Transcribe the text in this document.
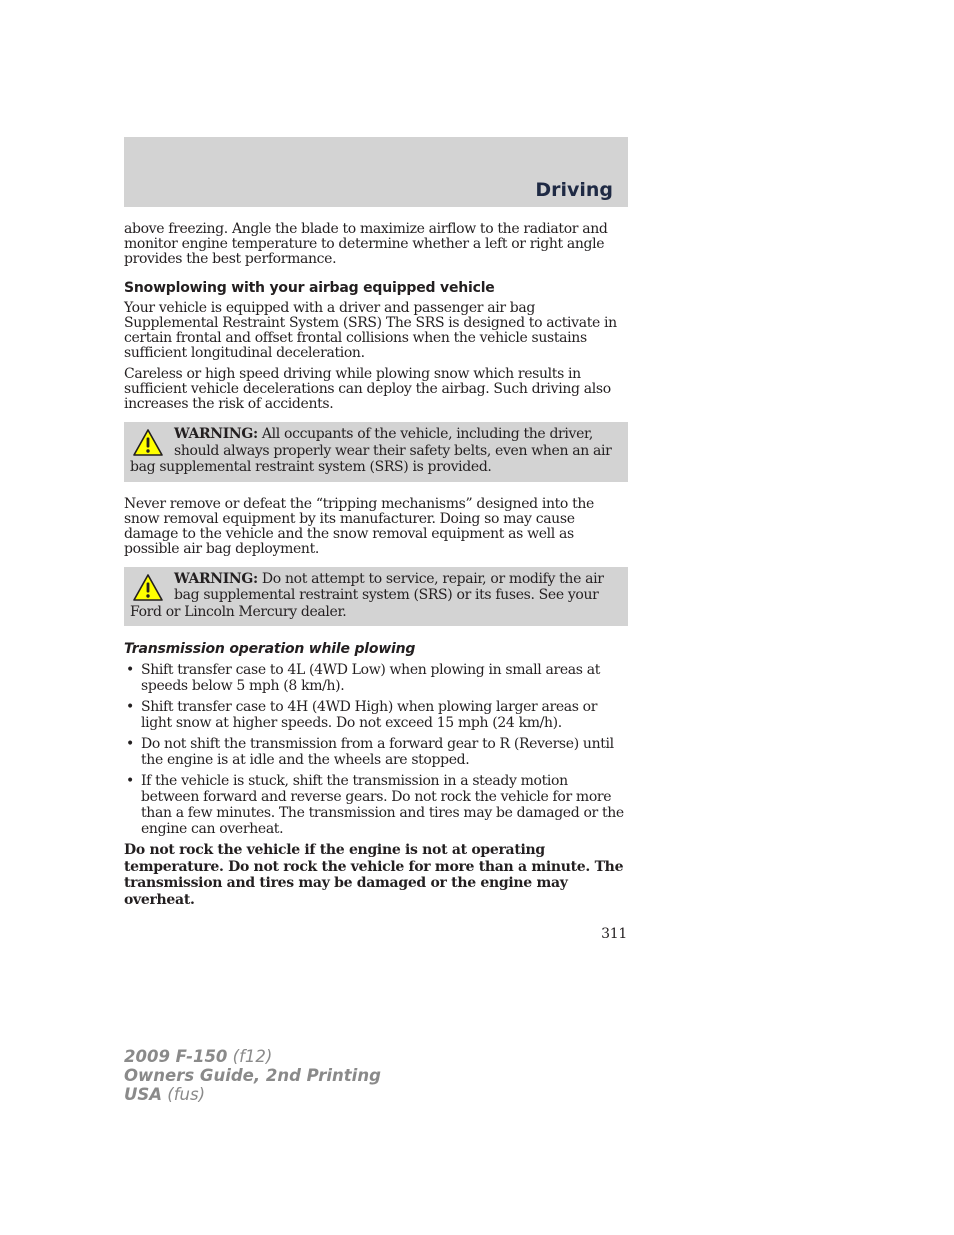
Driving

above freezing. Angle the blade to maximize airflow to the radiator and monitor engine temperature to determine whether a left or right angle provides the best performance.

Snowplowing with your airbag equipped vehicle

Your vehicle is equipped with a driver and passenger air bag Supplemental Restraint System (SRS) The SRS is designed to activate in certain frontal and offset frontal collisions when the vehicle sustains sufficient longitudinal deceleration.

Careless or high speed driving while plowing snow which results in sufficient vehicle decelerations can deploy the airbag. Such driving also increases the risk of accidents.

WARNING: All occupants of the vehicle, including the driver, should always properly wear their safety belts, even when an air bag supplemental restraint system (SRS) is provided.

Never remove or defeat the “tripping mechanisms” designed into the snow removal equipment by its manufacturer. Doing so may cause damage to the vehicle and the snow removal equipment as well as possible air bag deployment.

WARNING: Do not attempt to service, repair, or modify the air bag supplemental restraint system (SRS) or its fuses. See your Ford or Lincoln Mercury dealer.
Transmission operation while plowing
• Shift transfer case to 4L (4WD Low) when plowing in small areas at speeds below 5 mph (8 km/h).
• Shift transfer case to 4H (4WD High) when plowing larger areas or light snow at higher speeds. Do not exceed 15 mph (24 km/h).
• Do not shift the transmission from a forward gear to R (Reverse) until the engine is at idle and the wheels are stopped.
• If the vehicle is stuck, shift the transmission in a steady motion between forward and reverse gears. Do not rock the vehicle for more than a few minutes. The transmission and tires may be damaged or the engine can overheat.

Do not rock the vehicle if the engine is not at operating temperature. Do not rock the vehicle for more than a minute. The transmission and tires may be damaged or the engine may overheat.

311
2009 F-150 (f12)
Owners Guide, 2nd Printing
USA (fus)
